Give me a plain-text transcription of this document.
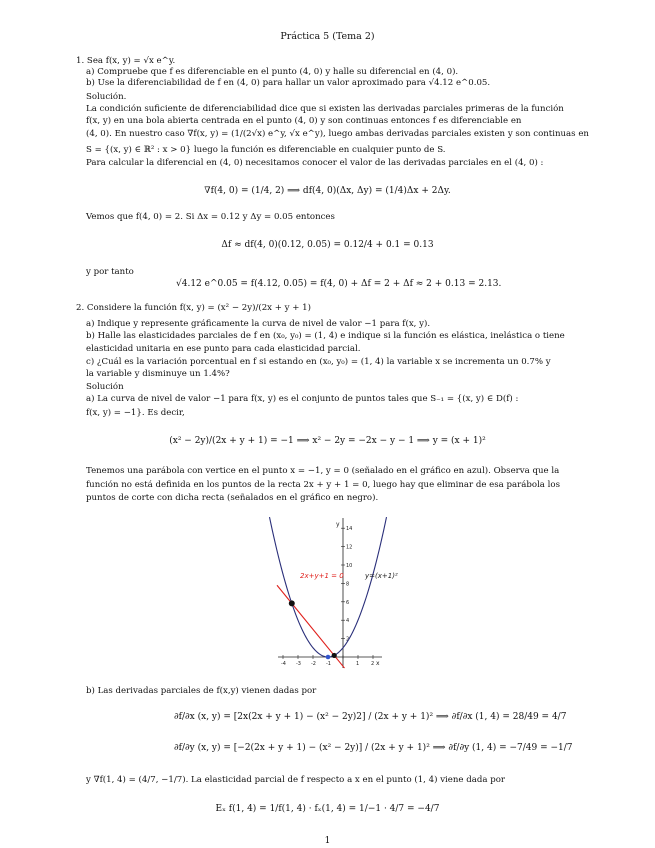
Práctica 5 (Tema 2)
1. Sea f(x, y) = √x e^y.
a) Compruebe que f es diferenciable en el punto (4, 0) y halle su diferencial en (4, 0).
b) Use la diferenciabilidad de f en (4, 0) para hallar un valor aproximado para √4.12 e^0.05.
Solución.
La condición suficiente de diferenciabilidad dice que si existen las derivadas parciales primeras de la función
f(x, y) en una bola abierta centrada en el punto (4, 0) y son continuas entonces f es diferenciable en
(4, 0). En nuestro caso ∇f(x, y) = (1/(2√x) e^y, √x e^y), luego ambas derivadas parciales existen y son continuas en
S = {(x, y) ∈ ℝ² : x > 0} luego la función es diferenciable en cualquier punto de S.
Para calcular la diferencial en (4, 0) necesitamos conocer el valor de las derivadas parciales en el (4, 0) :
∇f(4, 0) = (1/4, 2) ⟹ df(4, 0)(Δx, Δy) = (1/4)Δx + 2Δy.
Vemos que f(4, 0) = 2. Si Δx = 0.12 y Δy = 0.05 entonces
Δf ≈ df(4, 0)(0.12, 0.05) = 0.12/4 + 0.1 = 0.13
y por tanto
√4.12 e^0.05 = f(4.12, 0.05) = f(4, 0) + Δf = 2 + Δf ≈ 2 + 0.13 = 2.13.
2. Considere la función f(x, y) = (x² − 2y)/(2x + y + 1)
a) Indique y represente gráficamente la curva de nivel de valor −1 para f(x, y).
b) Halle las elasticidades parciales de f en (x₀, y₀) = (1, 4) e indique si la función es elástica, inelástica o tiene
elasticidad unitaria en ese punto para cada elasticidad parcial.
c) ¿Cuál es la variación porcentual en f si estando en (x₀, y₀) = (1, 4) la variable x se incrementa un 0.7% y
la variable y disminuye un 1.4%?
Solución
a) La curva de nivel de valor −1 para f(x, y) es el conjunto de puntos tales que S₋₁ = {(x, y) ∈ D(f) :
f(x, y) = −1}. Es decir,
(x² − 2y)/(2x + y + 1) = −1 ⟹ x² − 2y = −2x − y − 1 ⟹ y = (x + 1)²
Tenemos una parábola con vertice en el punto x = −1, y = 0 (señalado en el gráfico en azul). Observa que la
función no está definida en los puntos de la recta 2x + y + 1 = 0, luego hay que eliminar de esa parábola los
puntos de corte con dicha recta (señalados en el gráfico en negro).
-4 -3 -2 -1	1 2
2
4
6
8
10
12
14
2x+y+1 = 0	y=(x+1)²
x
y
b) Las derivadas parciales de f(x,y) vienen dadas por
∂f/∂x (x, y) = [2x(2x + y + 1) − (x² − 2y)2] / (2x + y + 1)² ⟹ ∂f/∂x (1, 4) = 28/49 = 4/7
∂f/∂y (x, y) = [−2(2x + y + 1) − (x² − 2y)] / (2x + y + 1)² ⟹ ∂f/∂y (1, 4) = −7/49 = −1/7
y ∇f(1, 4) = (4/7, −1/7). La elasticidad parcial de f respecto a x en el punto (1, 4) viene dada por
Eₓ f(1, 4) = 1/f(1, 4) · fₓ(1, 4) = 1/−1 · 4/7 = −4/7
1
